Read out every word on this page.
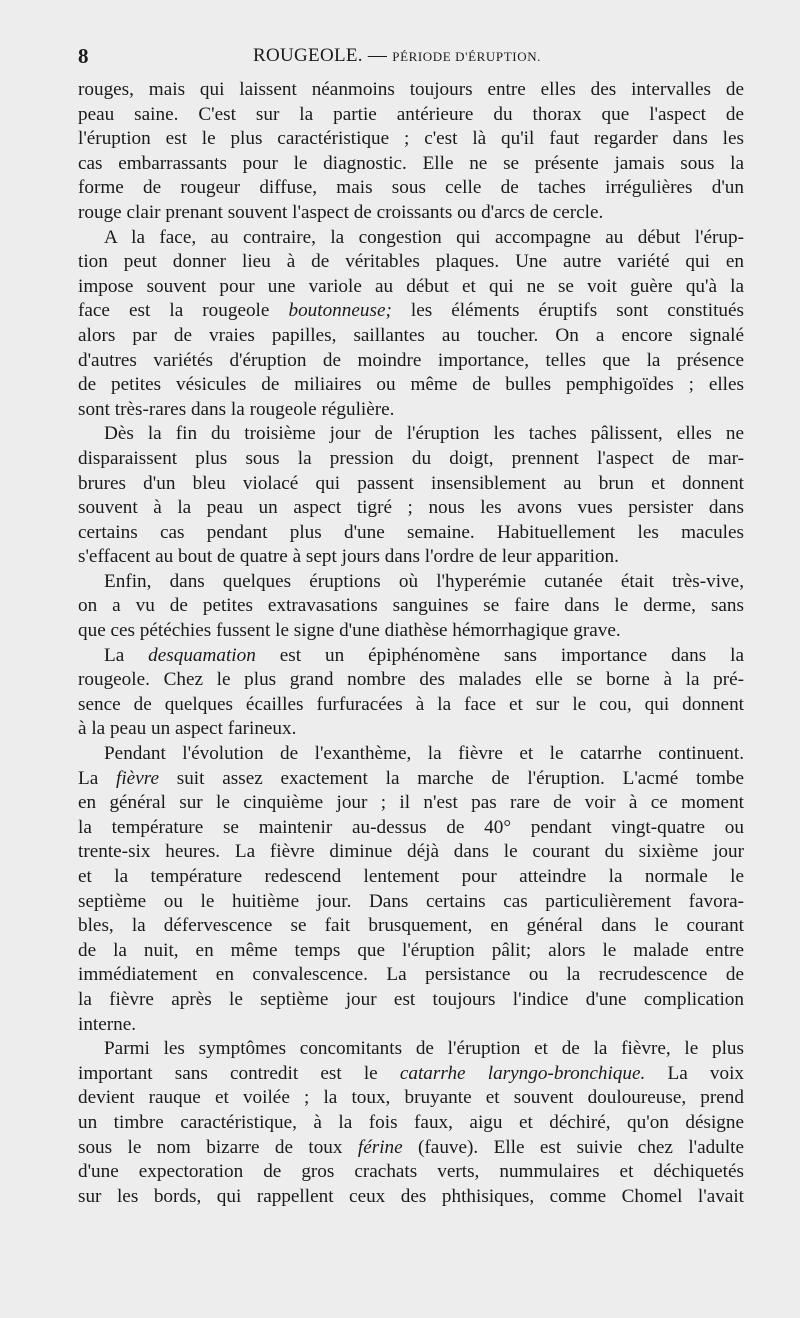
8	ROUGEOLE. — PÉRIODE D'ÉRUPTION.

rouges, mais qui laissent néanmoins toujours entre elles des intervalles de

peau saine. C'est sur la partie antérieure du thorax que l'aspect de

l'éruption est le plus caractéristique ; c'est là qu'il faut regarder dans les

cas embarrassants pour le diagnostic. Elle ne se présente jamais sous la

forme de rougeur diffuse, mais sous celle de taches irrégulières d'un

rouge clair prenant souvent l'aspect de croissants ou d'arcs de cercle.

A la face, au contraire, la congestion qui accompagne au début l'érup-

tion peut donner lieu à de véritables plaques. Une autre variété qui en

impose souvent pour une variole au début et qui ne se voit guère qu'à la

face est la rougeole boutonneuse; les éléments éruptifs sont constitués

alors par de vraies papilles, saillantes au toucher. On a encore signalé

d'autres variétés d'éruption de moindre importance, telles que la présence

de petites vésicules de miliaires ou même de bulles pemphigoïdes ; elles

sont très-rares dans la rougeole régulière.

Dès la fin du troisième jour de l'éruption les taches pâlissent, elles ne

disparaissent plus sous la pression du doigt, prennent l'aspect de mar-

brures d'un bleu violacé qui passent insensiblement au brun et donnent

souvent à la peau un aspect tigré ; nous les avons vues persister dans

certains cas pendant plus d'une semaine. Habituellement les macules

s'effacent au bout de quatre à sept jours dans l'ordre de leur apparition.

Enfin, dans quelques éruptions où l'hyperémie cutanée était très-vive,

on a vu de petites extravasations sanguines se faire dans le derme, sans

que ces pétéchies fussent le signe d'une diathèse hémorrhagique grave.

La desquamation est un épiphénomène sans importance dans la

rougeole. Chez le plus grand nombre des malades elle se borne à la pré-

sence de quelques écailles furfuracées à la face et sur le cou, qui donnent

à la peau un aspect farineux.

Pendant l'évolution de l'exanthème, la fièvre et le catarrhe continuent.

La fièvre suit assez exactement la marche de l'éruption. L'acmé tombe

en général sur le cinquième jour ; il n'est pas rare de voir à ce moment

la température se maintenir au-dessus de 40° pendant vingt-quatre ou

trente-six heures. La fièvre diminue déjà dans le courant du sixième jour

et la température redescend lentement pour atteindre la normale le

septième ou le huitième jour. Dans certains cas particulièrement favora-

bles, la défervescence se fait brusquement, en général dans le courant

de la nuit, en même temps que l'éruption pâlit; alors le malade entre

immédiatement en convalescence. La persistance ou la recrudescence de

la fièvre après le septième jour est toujours l'indice d'une complication

interne.

Parmi les symptômes concomitants de l'éruption et de la fièvre, le plus

important sans contredit est le catarrhe laryngo-bronchique. La voix

devient rauque et voilée ; la toux, bruyante et souvent douloureuse, prend

un timbre caractéristique, à la fois faux, aigu et déchiré, qu'on désigne

sous le nom bizarre de toux férine (fauve). Elle est suivie chez l'adulte

d'une expectoration de gros crachats verts, nummulaires et déchiquetés

sur les bords, qui rappellent ceux des phthisiques, comme Chomel l'avait
